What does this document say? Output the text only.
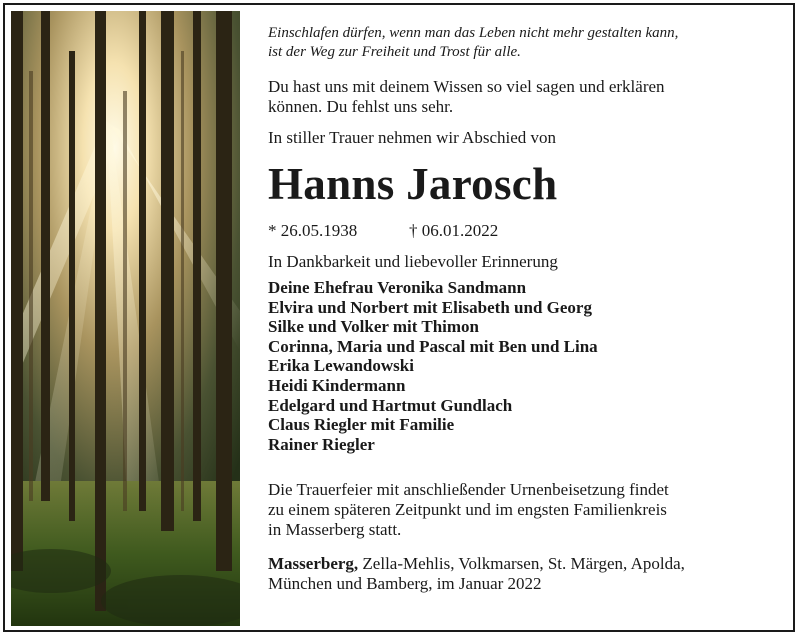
Einschlafen dürfen, wenn man das Leben nicht mehr gestalten kann,

ist der Weg zur Freiheit und Trost für alle.

Du hast uns mit deinem Wissen so viel sagen und erklären

können. Du fehlst uns sehr.

In stiller Trauer nehmen wir Abschied von

Hanns Jarosch
* 26.05.1938	† 06.01.2022

In Dankbarkeit und liebevoller Erinnerung

Deine Ehefrau Veronika Sandmann
Elvira und Norbert mit Elisabeth und Georg
Silke und Volker mit Thimon
Corinna, Maria und Pascal mit Ben und Lina
Erika Lewandowski
Heidi Kindermann
Edelgard und Hartmut Gundlach
Claus Riegler mit Familie
Rainer Riegler

Die Trauerfeier mit anschließender Urnenbeisetzung findet

zu einem späteren Zeitpunkt und im engsten Familienkreis

in Masserberg statt.

Masserberg, Zella-Mehlis, Volkmarsen, St. Märgen, Apolda,

München und Bamberg, im Januar 2022
